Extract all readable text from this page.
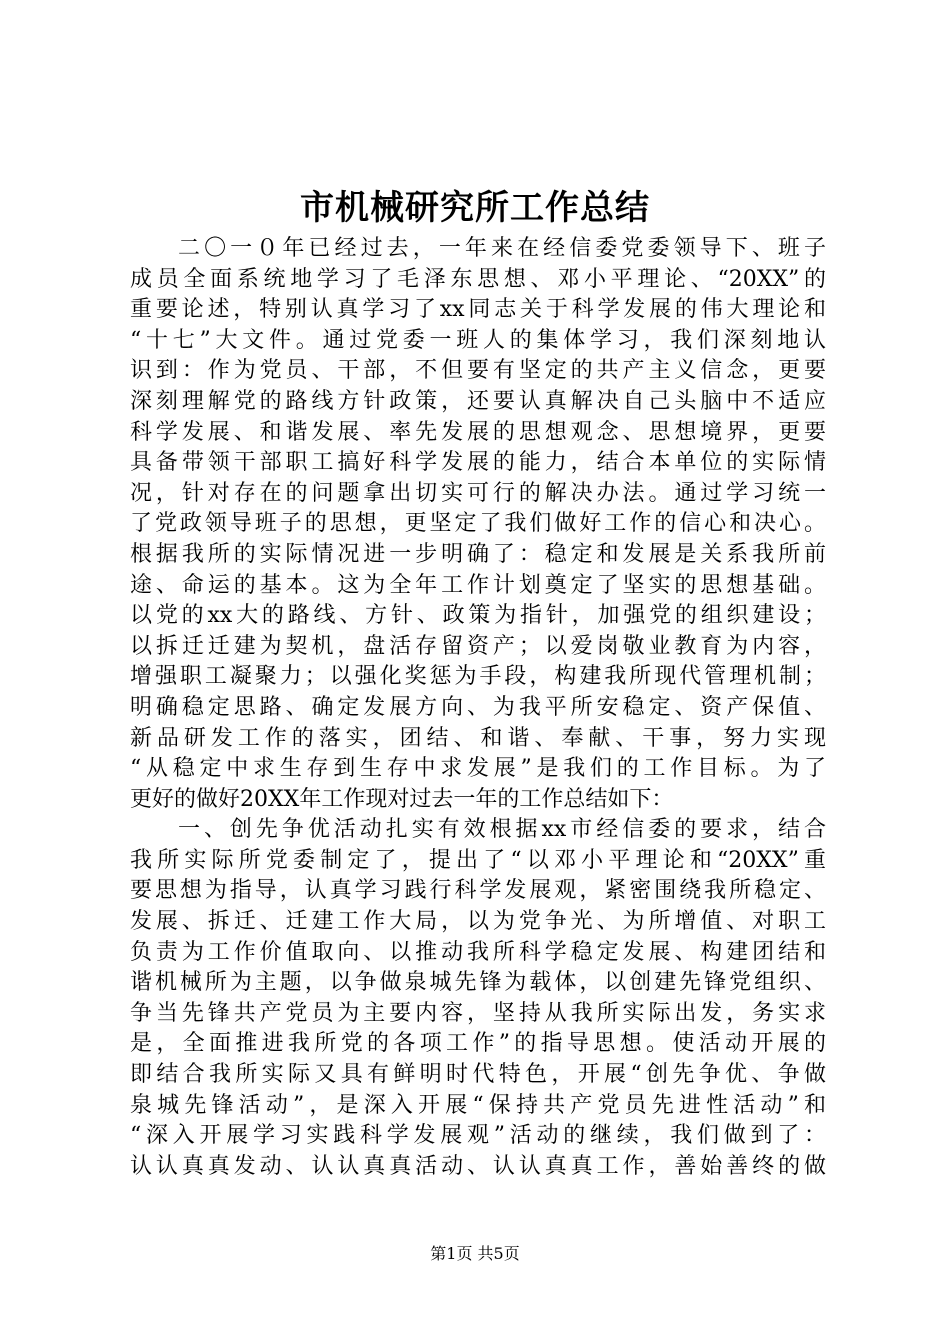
市机械研究所工作总结
二〇一０年已经过去，一年来在经信委党委领导下、班子
成员全面系统地学习了毛泽东思想、邓小平理论、“20XX”的
重要论述，特别认真学习了xx同志关于科学发展的伟大理论和
“十七”大文件。通过党委一班人的集体学习，我们深刻地认
识到：作为党员、干部，不但要有坚定的共产主义信念，更要
深刻理解党的路线方针政策，还要认真解决自己头脑中不适应
科学发展、和谐发展、率先发展的思想观念、思想境界，更要
具备带领干部职工搞好科学发展的能力，结合本单位的实际情
况，针对存在的问题拿出切实可行的解决办法。通过学习统一
了党政领导班子的思想，更坚定了我们做好工作的信心和决心。
根据我所的实际情况进一步明确了：稳定和发展是关系我所前
途、命运的基本。这为全年工作计划奠定了坚实的思想基础。
以党的xx大的路线、方针、政策为指针，加强党的组织建设；
以拆迁迁建为契机，盘活存留资产；以爱岗敬业教育为内容，
增强职工凝聚力；以强化奖惩为手段，构建我所现代管理机制；
明确稳定思路、确定发展方向、为我平所安稳定、资产保值、
新品研发工作的落实，团结、和谐、奉献、干事，努力实现
“从稳定中求生存到生存中求发展”是我们的工作目标。为了
更好的做好20XX年工作现对过去一年的工作总结如下：
一、创先争优活动扎实有效根据xx市经信委的要求，结合
我所实际所党委制定了，提出了“以邓小平理论和“20XX”重
要思想为指导，认真学习践行科学发展观，紧密围绕我所稳定、
发展、拆迁、迁建工作大局，以为党争光、为所增值、对职工
负责为工作价值取向、以推动我所科学稳定发展、构建团结和
谐机械所为主题，以争做泉城先锋为载体，以创建先锋党组织、
争当先锋共产党员为主要内容，坚持从我所实际出发，务实求
是，全面推进我所党的各项工作”的指导思想。使活动开展的
即结合我所实际又具有鲜明时代特色，开展“创先争优、争做
泉城先锋活动”，是深入开展“保持共产党员先进性活动”和
“深入开展学习实践科学发展观”活动的继续，我们做到了：
认认真真发动、认认真真活动、认认真真工作，善始善终的做
第1页 共5页
